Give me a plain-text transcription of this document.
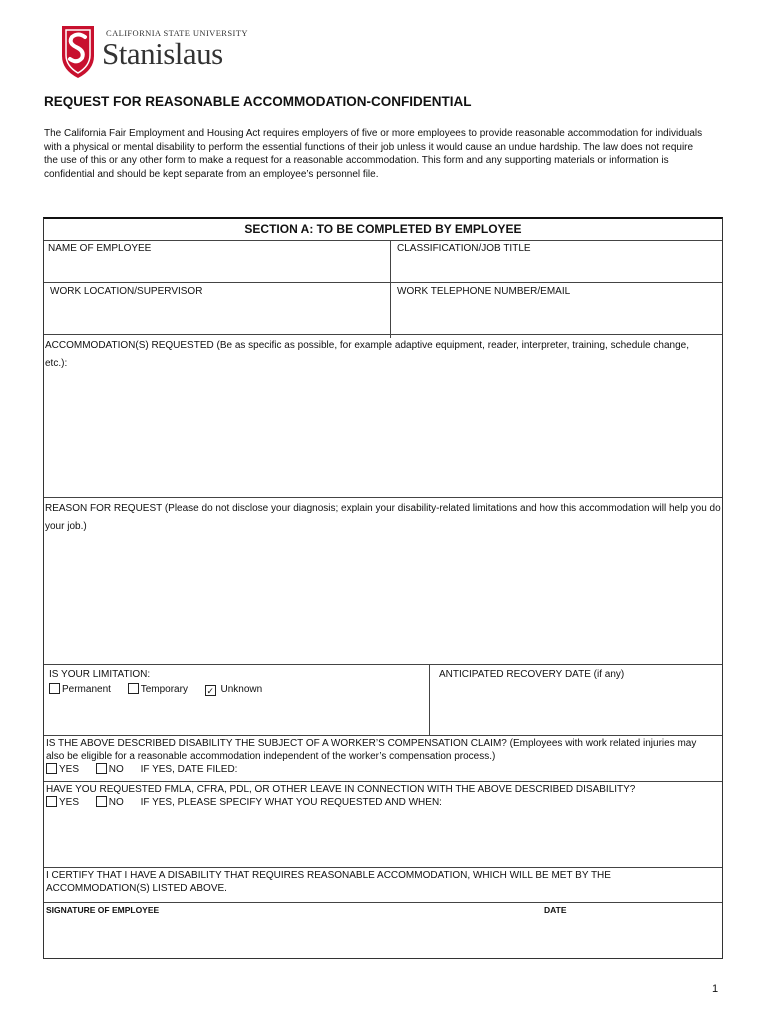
CALIFORNIA STATE UNIVERSITY
Stanislaus
REQUEST FOR REASONABLE ACCOMMODATION-CONFIDENTIAL
The California Fair Employment and Housing Act requires employers of five or more employees to provide reasonable accommodation for individuals with a physical or mental disability to perform the essential functions of their job unless it would cause an undue hardship. The law does not require the use of this or any other form to make a request for a reasonable accommodation. This form and any supporting materials or information is confidential and should be kept separate from an employee’s personnel file.
SECTION A: TO BE COMPLETED BY EMPLOYEE
NAME OF EMPLOYEE	CLASSIFICATION/JOB TITLE
WORK LOCATION/SUPERVISOR	WORK TELEPHONE NUMBER/EMAIL
ACCOMMODATION(S) REQUESTED (Be as specific as possible, for example adaptive equipment, reader, interpreter, training, schedule change, etc.):
REASON FOR REQUEST (Please do not disclose your diagnosis; explain your disability-related limitations and how this accommodation will help you do your job.)
IS YOUR LIMITATION:
Permanent	Temporary ✓ Unknown
ANTICIPATED RECOVERY DATE (if any)
IS THE ABOVE DESCRIBED DISABILITY THE SUBJECT OF A WORKER’S COMPENSATION CLAIM? (Employees with work related injuries may also be eligible for a reasonable accommodation independent of the worker’s compensation process.)
YES	NO IF YES, DATE FILED:
HAVE YOU REQUESTED FMLA, CFRA, PDL, OR OTHER LEAVE IN CONNECTION WITH THE ABOVE DESCRIBED DISABILITY?
YES	NO IF YES, PLEASE SPECIFY WHAT YOU REQUESTED AND WHEN:
I CERTIFY THAT I HAVE A DISABILITY THAT REQUIRES REASONABLE ACCOMMODATION, WHICH WILL BE MET BY THE ACCOMMODATION(S) LISTED ABOVE.
SIGNATURE OF EMPLOYEE	DATE
1
